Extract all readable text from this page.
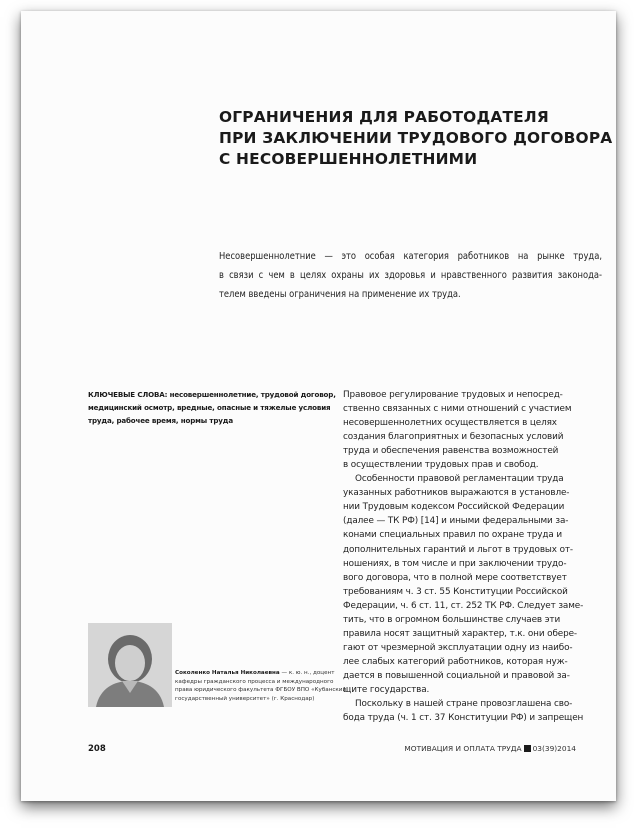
ОГРАНИЧЕНИЯ ДЛЯ РАБОТОДАТЕЛЯ
ПРИ ЗАКЛЮЧЕНИИ ТРУДОВОГО ДОГОВОРА
С НЕСОВЕРШЕННОЛЕТНИМИ
Несовершеннолетние — это особая категория работников на рынке труда,
в связи с чем в целях охраны их здоровья и нравственного развития законода-
телем введены ограничения на применение их труда.
КЛЮЧЕВЫЕ СЛОВА: несовершеннолетние, трудовой договор,
медицинский осмотр, вредные, опасные и тяжелые условия
труда, рабочее время, нормы труда
Правовое регулирование трудовых и непосред-
ственно связанных с ними отношений с участием
несовершеннолетних осуществляется в целях
создания благоприятных и безопасных условий
труда и обеспечения равенства возможностей
в осуществлении трудовых прав и свобод.
Особенности правовой регламентации труда
указанных работников выражаются в установле-
нии Трудовым кодексом Российской Федерации
(далее — ТК РФ) [14] и иными федеральными за-
конами специальных правил по охране труда и
дополнительных гарантий и льгот в трудовых от-
ношениях, в том числе и при заключении трудо-
вого договора, что в полной мере соответствует
требованиям ч. 3 ст. 55 Конституции Российской
Федерации, ч. 6 ст. 11, ст. 252 ТК РФ. Следует заме-
тить, что в огромном большинстве случаев эти
правила носят защитный характер, т.к. они обере-
гают от чрезмерной эксплуатации одну из наибо-
лее слабых категорий работников, которая нуж-
дается в повышенной социальной и правовой за-
щите государства.
Поскольку в нашей стране провозглашена сво-
бода труда (ч. 1 ст. 37 Конституции РФ) и запрещен
Соколенко Наталья Николаевна — к. ю. н., доцент
кафедры гражданского процесса и международного
права юридического факультета ФГБОУ ВПО «Кубанский
государственный университет» (г. Краснодар)
208	МОТИВАЦИЯ И ОПЛАТА ТРУДА 03(39)2014
